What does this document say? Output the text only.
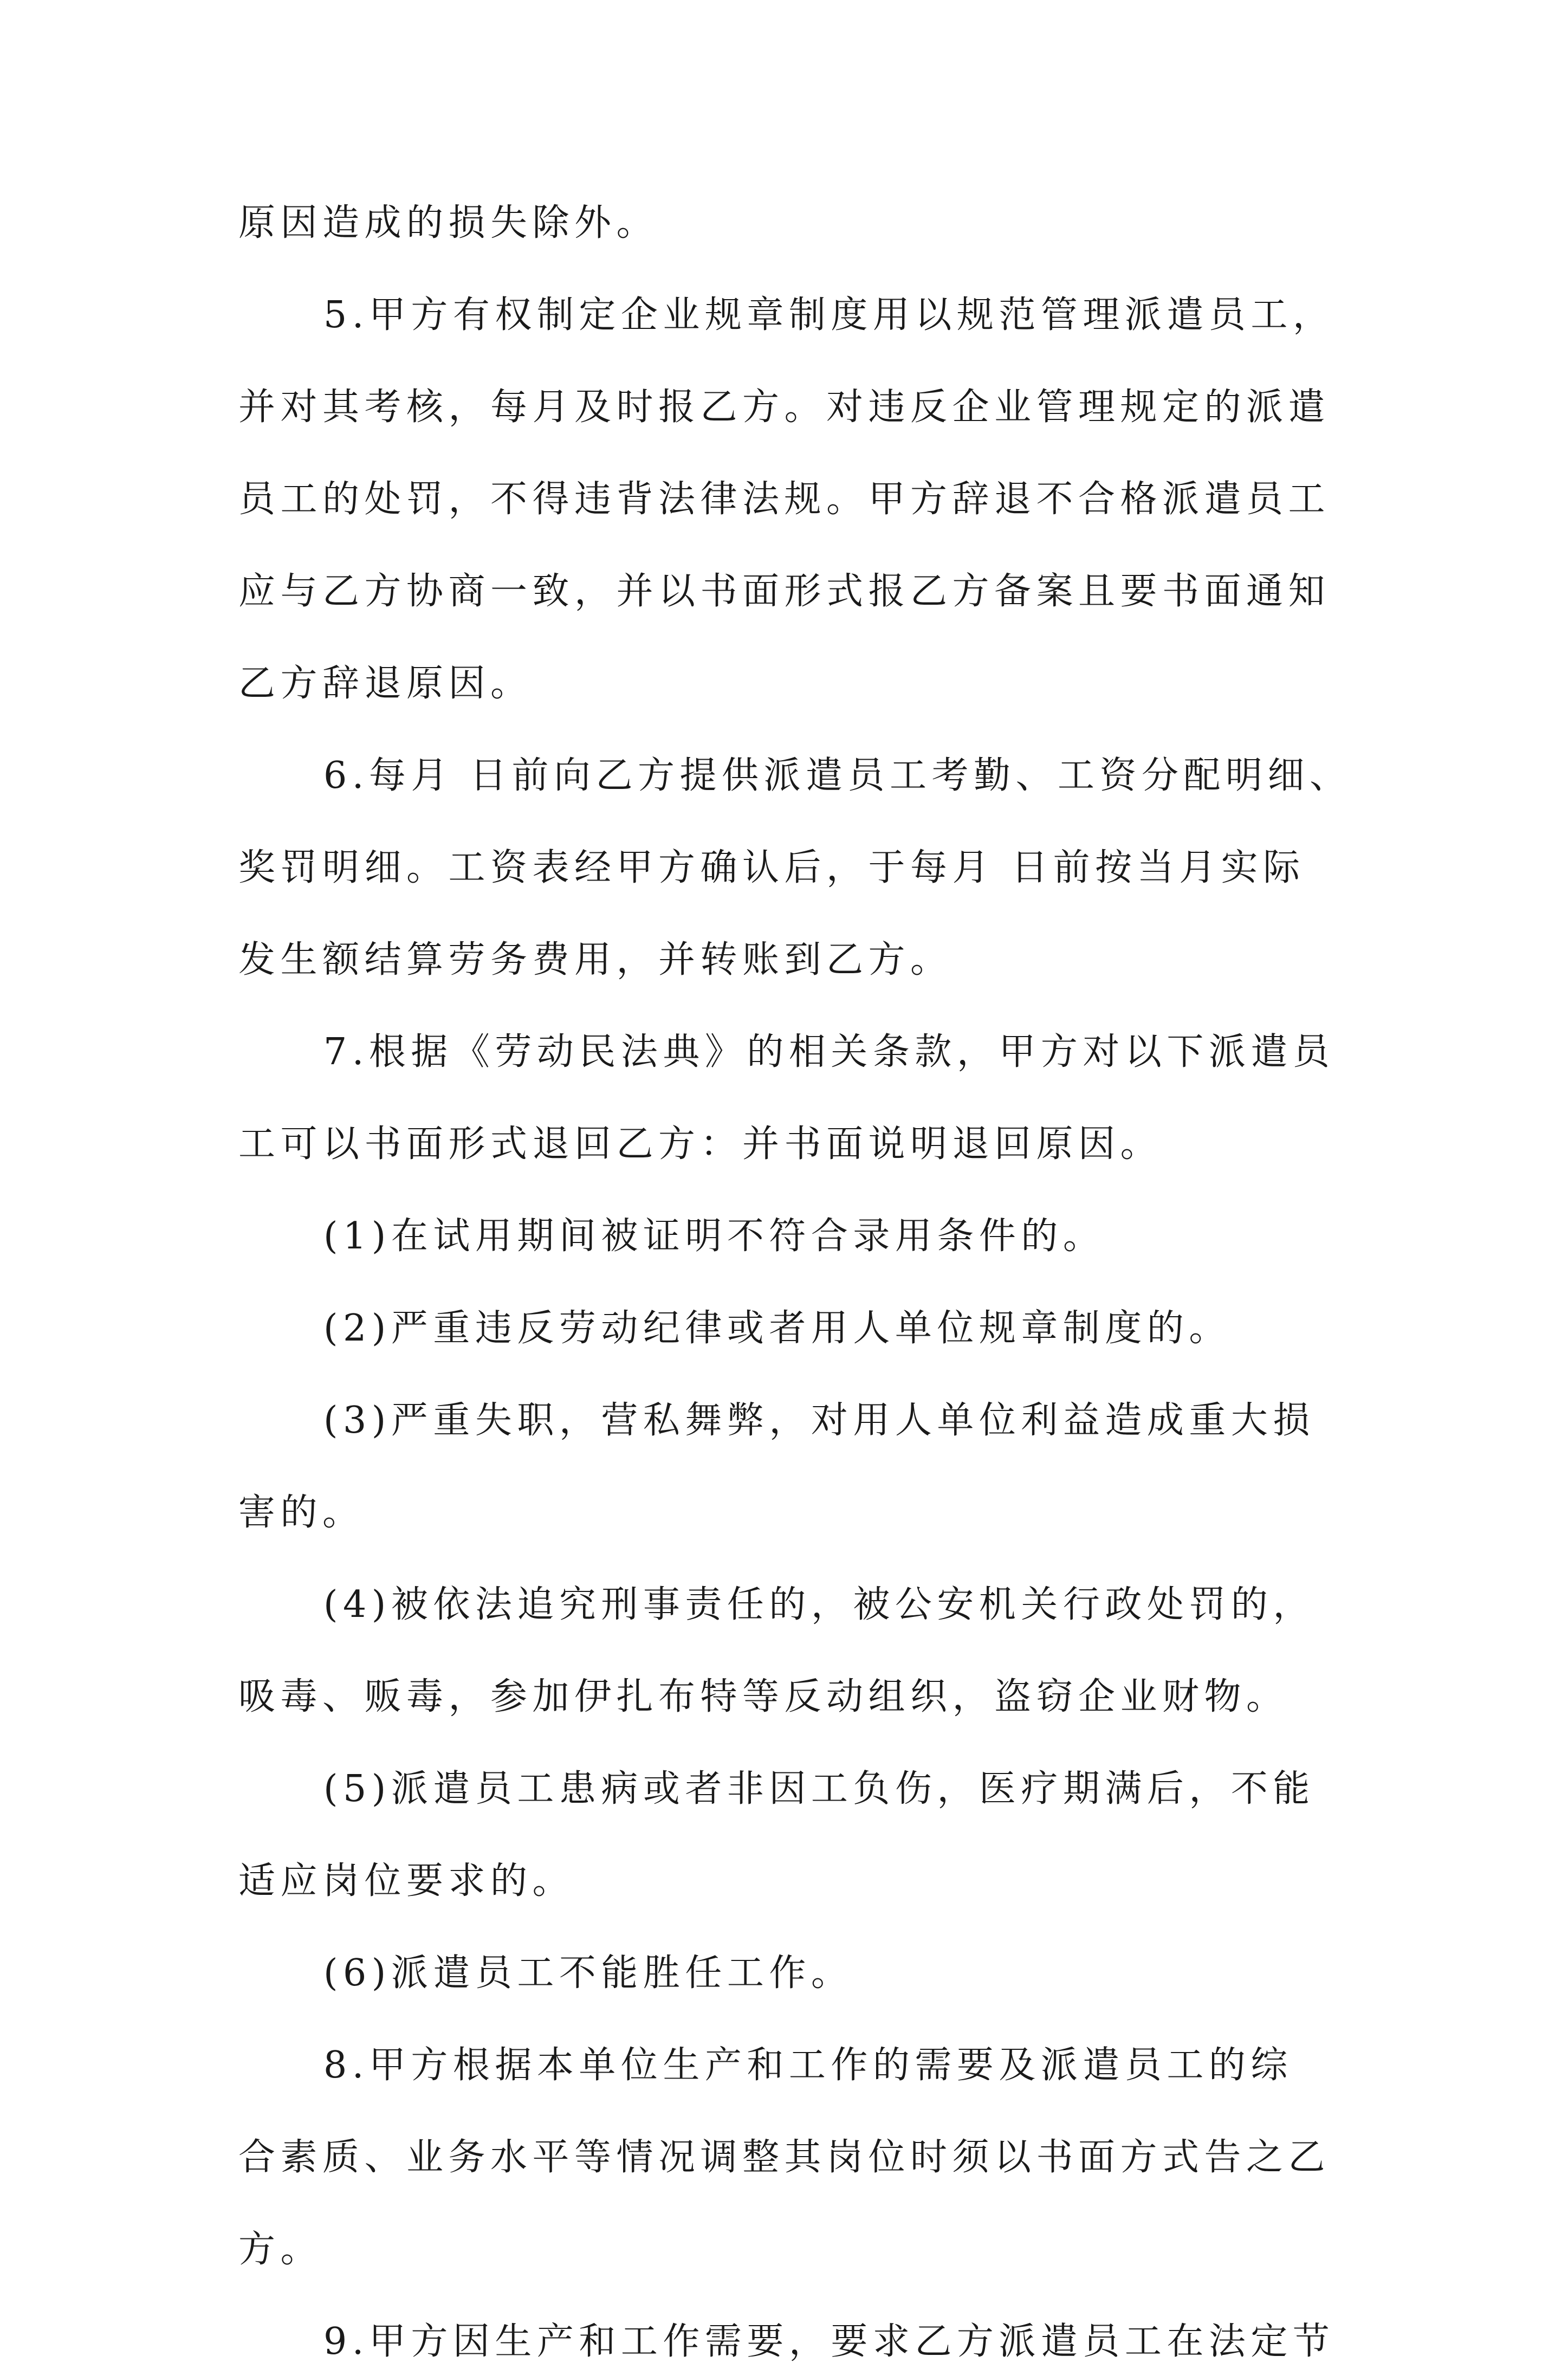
原因造成的损失除外。
5.甲方有权制定企业规章制度用以规范管理派遣员工，
并对其考核，每月及时报乙方。对违反企业管理规定的派遣
员工的处罚，不得违背法律法规。甲方辞退不合格派遣员工
应与乙方协商一致，并以书面形式报乙方备案且要书面通知
乙方辞退原因。
6.每月 日前向乙方提供派遣员工考勤、工资分配明细、
奖罚明细。工资表经甲方确认后，于每月 日前按当月实际
发生额结算劳务费用，并转账到乙方。
7.根据《劳动民法典》的相关条款，甲方对以下派遣员
工可以书面形式退回乙方：并书面说明退回原因。
(1)在试用期间被证明不符合录用条件的。
(2)严重违反劳动纪律或者用人单位规章制度的。
(3)严重失职，营私舞弊，对用人单位利益造成重大损
害的。
(4)被依法追究刑事责任的，被公安机关行政处罚的，
吸毒、贩毒，参加伊扎布特等反动组织，盗窃企业财物。
(5)派遣员工患病或者非因工负伤，医疗期满后，不能
适应岗位要求的。
(6)派遣员工不能胜任工作。
8.甲方根据本单位生产和工作的需要及派遣员工的综
合素质、业务水平等情况调整其岗位时须以书面方式告之乙
方。
9.甲方因生产和工作需要，要求乙方派遣员工在法定节
